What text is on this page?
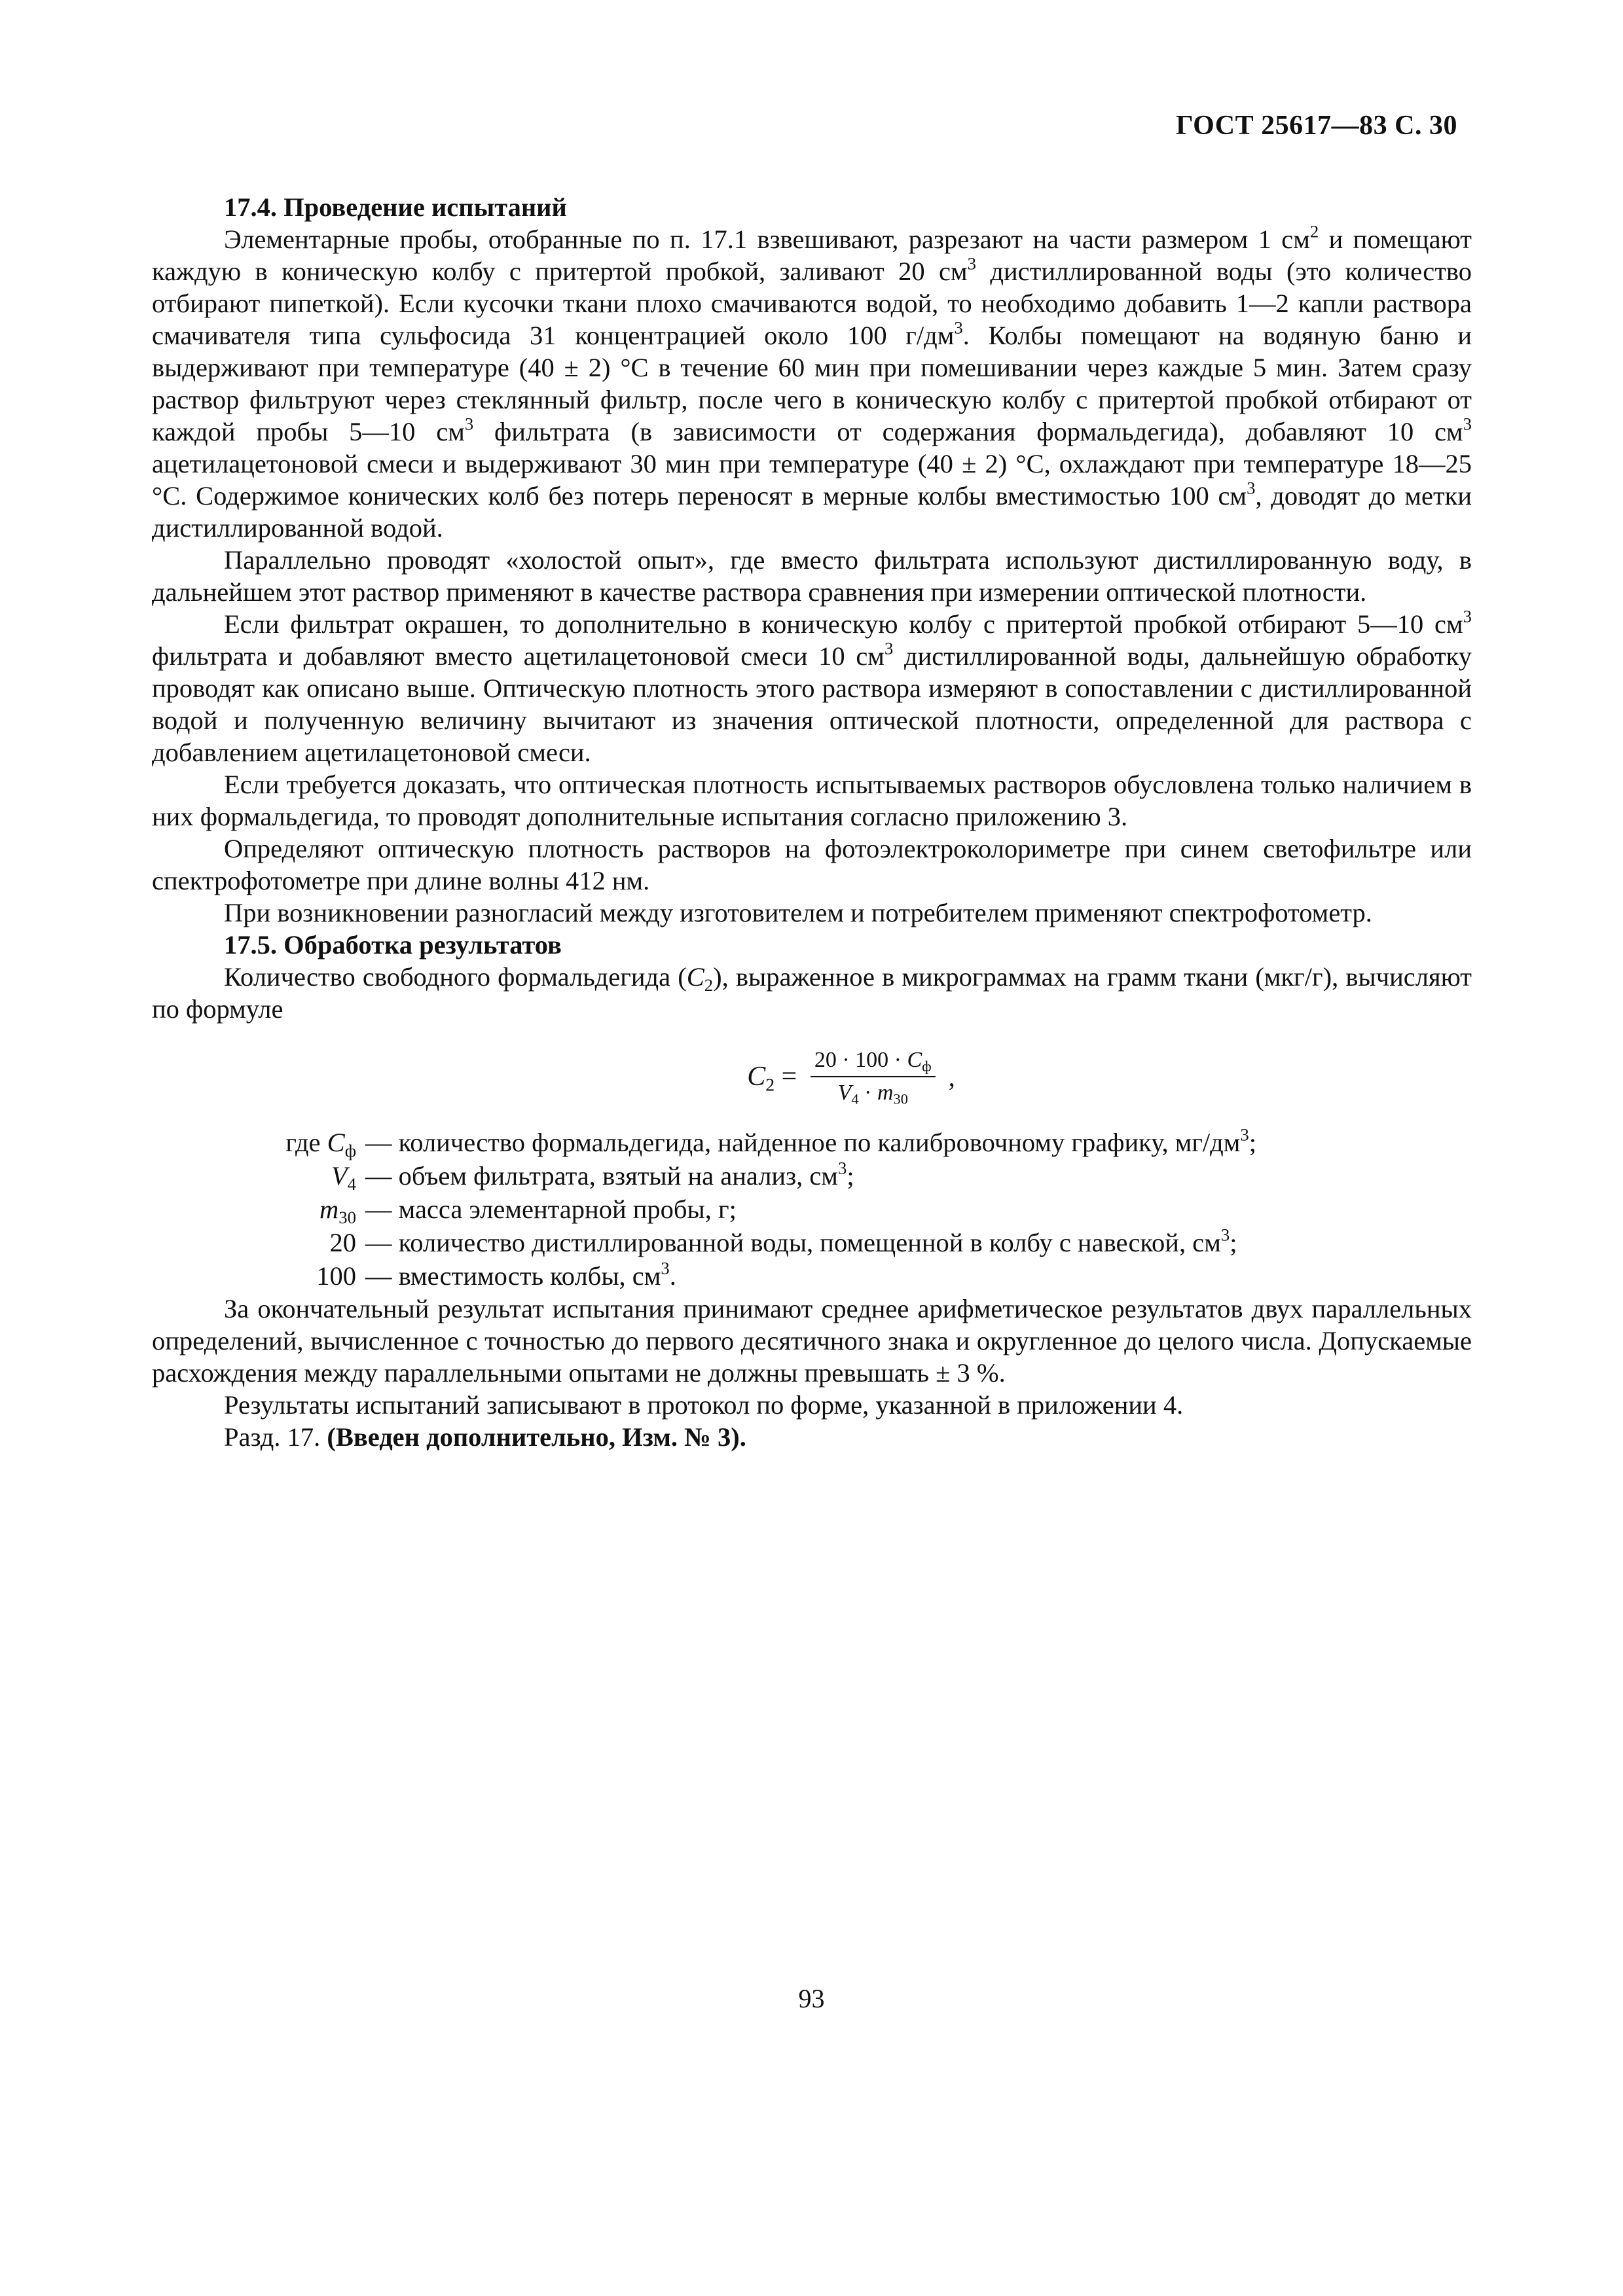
ГОСТ 25617—83 С. 30

17.4. Проведение испытаний

Элементарные пробы, отобранные по п. 17.1 взвешивают, разрезают на части размером 1 $см^2$ и помещают каждую в коническую колбу с притертой пробкой, заливают 20 $см^3$ дистиллированной воды (это количество отбирают пипеткой). Если кусочки ткани плохо смачиваются водой, то необходимо добавить 1—2 капли раствора смачивателя типа сульфосида 31 концентрацией около 100 $г/дм^3$. Колбы помещают на водяную баню и выдерживают при температуре (40 ± 2) °С в течение 60 мин при помешивании через каждые 5 мин. Затем сразу раствор фильтруют через стеклянный фильтр, после чего в коническую колбу с притертой пробкой отбирают от каждой пробы 5—10 $см^3$ фильтрата (в зависимости от содержания формальдегида), добавляют 10 $см^3$ ацетилацетоновой смеси и выдерживают 30 мин при температуре (40 ± 2) °С, охлаждают при температуре 18—25 °С. Содержимое конических колб без потерь переносят в мерные колбы вместимостью 100 $см^3$, доводят до метки дистиллированной водой.

Параллельно проводят «холостой опыт», где вместо фильтрата используют дистиллированную воду, в дальнейшем этот раствор применяют в качестве раствора сравнения при измерении оптической плотности.

Если фильтрат окрашен, то дополнительно в коническую колбу с притертой пробкой отбирают 5—10 $см^3$ фильтрата и добавляют вместо ацетилацетоновой смеси 10 $см^3$ дистиллированной воды, дальнейшую обработку проводят как описано выше. Оптическую плотность этого раствора измеряют в сопоставлении с дистиллированной водой и полученную величину вычитают из значения оптической плотности, определенной для раствора с добавлением ацетилацетоновой смеси.

Если требуется доказать, что оптическая плотность испытываемых растворов обусловлена только наличием в них формальдегида, то проводят дополнительные испытания согласно приложению 3.

Определяют оптическую плотность растворов на фотоэлектроколориметре при синем светофильтре или спектрофотометре при длине волны 412 нм.

При возникновении разногласий между изготовителем и потребителем применяют спектрофотометр.

17.5. Обработка результатов

Количество свободного формальдегида $(C_2)$, выраженное в микрограммах на грамм ткани (мкг/г), вычисляют по формуле

$C_2 = \frac{20 \cdot 100 \cdot C_ф}{V_4 \cdot m_{30}}$ ,
где $C_ф$ — количество формальдегида, найденное по калибровочному графику, $мг/дм^3$;
$V_4$ — объем фильтрата, взятый на анализ, $см^3$;
$m_{30}$ — масса элементарной пробы, г;
20 — количество дистиллированной воды, помещенной в колбу с навеской, $см^3$;
100 — вместимость колбы, $см^3$.

За окончательный результат испытания принимают среднее арифметическое результатов двух параллельных определений, вычисленное с точностью до первого десятичного знака и округленное до целого числа. Допускаемые расхождения между параллельными опытами не должны превышать ± 3 %.

Результаты испытаний записывают в протокол по форме, указанной в приложении 4.

Разд. 17. (Введен дополнительно, Изм. № 3).

93
